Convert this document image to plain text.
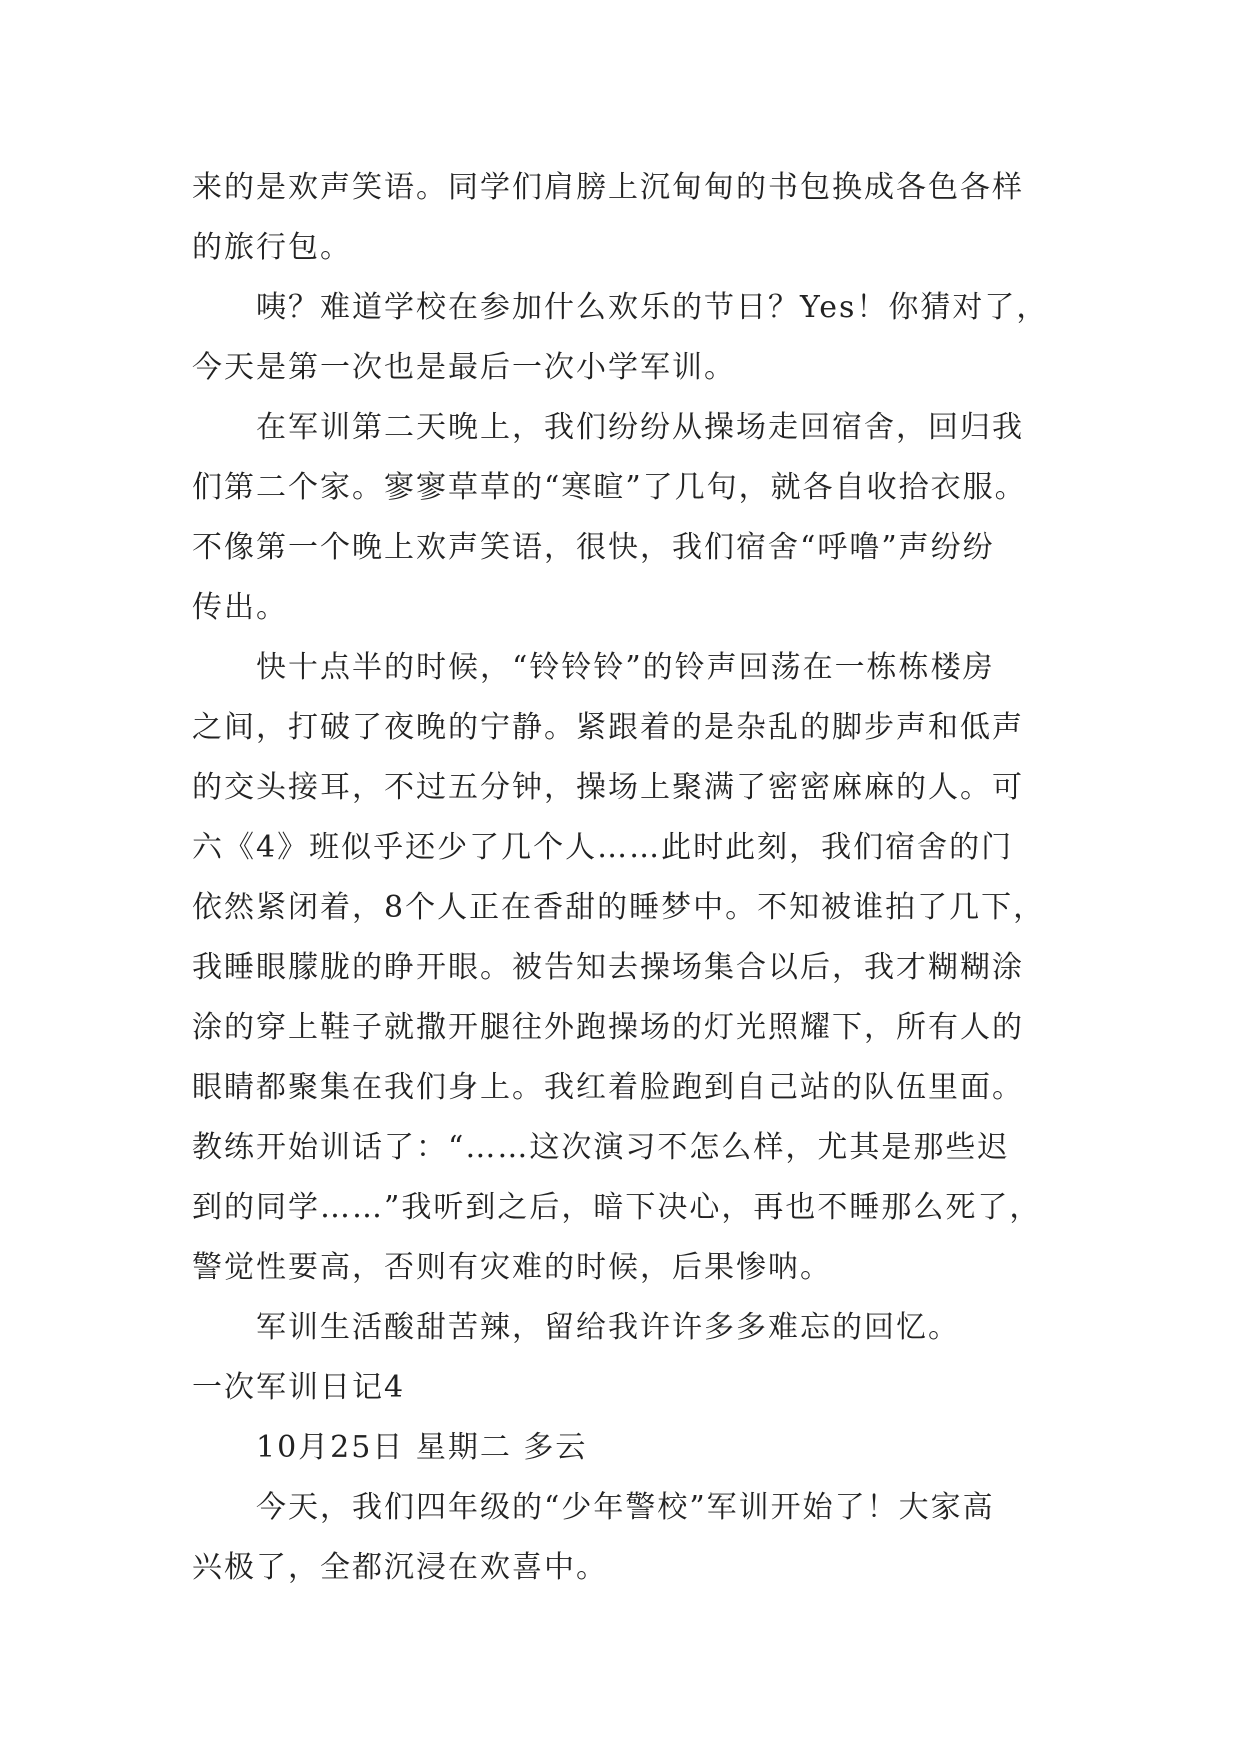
来的是欢声笑语。同学们肩膀上沉甸甸的书包换成各色各样
的旅行包。
咦？难道学校在参加什么欢乐的节日？Yes！你猜对了，
今天是第一次也是最后一次小学军训。
在军训第二天晚上，我们纷纷从操场走回宿舍，回归我
们第二个家。寥寥草草的“寒暄”了几句，就各自收拾衣服。
不像第一个晚上欢声笑语，很快，我们宿舍“呼噜”声纷纷
传出。
快十点半的时候，“铃铃铃”的铃声回荡在一栋栋楼房
之间，打破了夜晚的宁静。紧跟着的是杂乱的脚步声和低声
的交头接耳，不过五分钟，操场上聚满了密密麻麻的人。可
六《4》班似乎还少了几个人……此时此刻，我们宿舍的门
依然紧闭着，8个人正在香甜的睡梦中。不知被谁拍了几下，
我睡眼朦胧的睁开眼。被告知去操场集合以后，我才糊糊涂
涂的穿上鞋子就撒开腿往外跑操场的灯光照耀下，所有人的
眼睛都聚集在我们身上。我红着脸跑到自己站的队伍里面。
教练开始训话了：“……这次演习不怎么样，尤其是那些迟
到的同学……”我听到之后，暗下决心，再也不睡那么死了，
警觉性要高，否则有灾难的时候，后果惨呐。
军训生活酸甜苦辣，留给我许许多多难忘的回忆。
一次军训日记4
10月25日 星期二 多云
今天，我们四年级的“少年警校”军训开始了！大家高
兴极了，全都沉浸在欢喜中。
